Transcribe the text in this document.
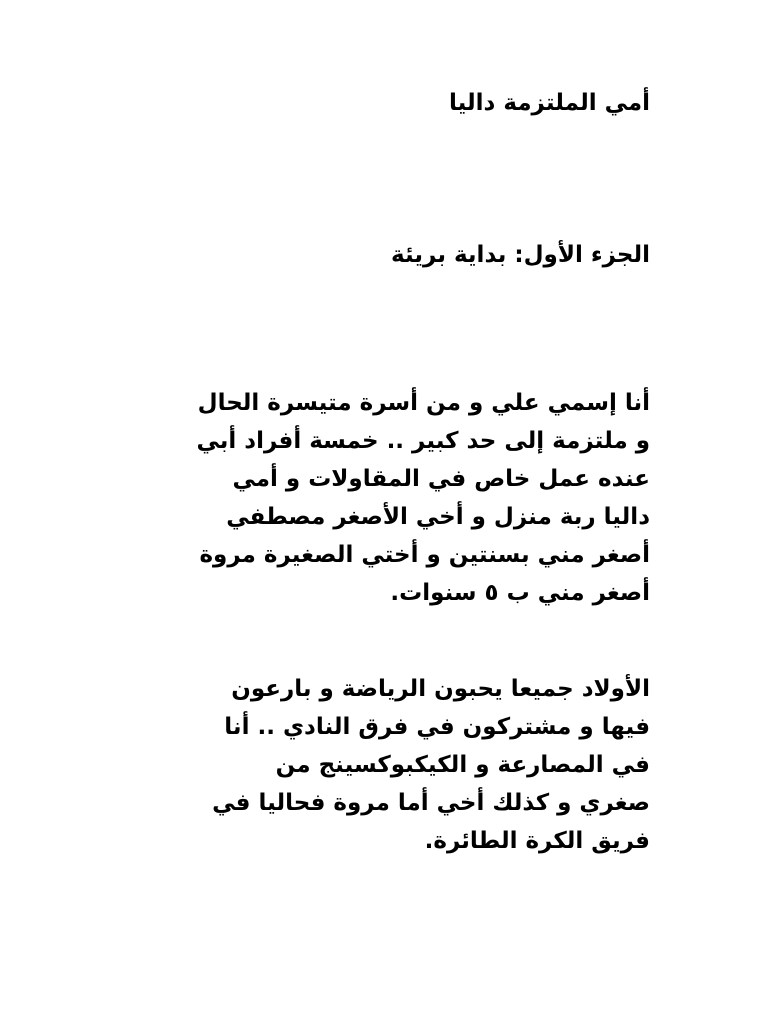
أمي الملتزمة داليا
الجزء الأول: بداية بريئة

أنا إسمي علي و من أسرة متيسرة الحال
و ملتزمة إلى حد كبير .. خمسة أفراد أبي
عنده عمل خاص في المقاولات و أمي
داليا ربة منزل و أخي الأصغر مصطفي
أصغر مني بسنتين و أختي الصغيرة مروة
أصغر مني ب ٥ سنوات.

الأولاد جميعا يحبون الرياضة و بارعون
فيها و مشتركون في فرق النادي .. أنا
في المصارعة و الكيكبوكسينج من
صغري و كذلك أخي أما مروة فحاليا في
فريق الكرة الطائرة.
